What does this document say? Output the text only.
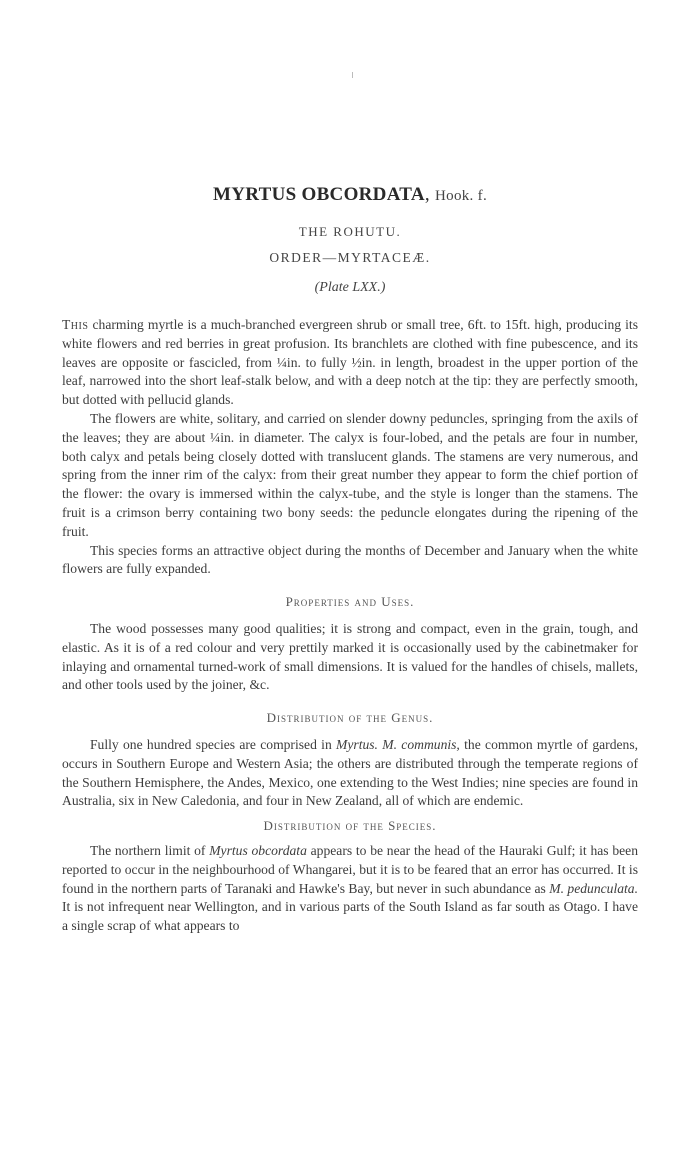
MYRTUS OBCORDATA, Hook. f.
THE ROHUTU.
ORDER—MYRTACEÆ.
(Plate LXX.)

This charming myrtle is a much-branched evergreen shrub or small tree, 6ft. to 15ft. high, producing its white flowers and red berries in great profusion. Its branchlets are clothed with fine pubescence, and its leaves are opposite or fascicled, from ¼in. to fully ½in. in length, broadest in the upper portion of the leaf, narrowed into the short leaf-stalk below, and with a deep notch at the tip: they are perfectly smooth, but dotted with pellucid glands.

The flowers are white, solitary, and carried on slender downy peduncles, springing from the axils of the leaves; they are about ¼in. in diameter. The calyx is four-lobed, and the petals are four in number, both calyx and petals being closely dotted with translucent glands. The stamens are very numerous, and spring from the inner rim of the calyx: from their great number they appear to form the chief portion of the flower: the ovary is immersed within the calyx-tube, and the style is longer than the stamens. The fruit is a crimson berry containing two bony seeds: the peduncle elongates during the ripening of the fruit.

This species forms an attractive object during the months of December and January when the white flowers are fully expanded.

Properties and Uses.

The wood possesses many good qualities; it is strong and compact, even in the grain, tough, and elastic. As it is of a red colour and very prettily marked it is occasionally used by the cabinetmaker for inlaying and ornamental turned-work of small dimensions. It is valued for the handles of chisels, mallets, and other tools used by the joiner, &c.

Distribution of the Genus.

Fully one hundred species are comprised in Myrtus. M. communis, the common myrtle of gardens, occurs in Southern Europe and Western Asia; the others are distributed through the temperate regions of the Southern Hemisphere, the Andes, Mexico, one extending to the West Indies; nine species are found in Australia, six in New Caledonia, and four in New Zealand, all of which are endemic.

Distribution of the Species.

The northern limit of Myrtus obcordata appears to be near the head of the Hauraki Gulf; it has been reported to occur in the neighbourhood of Whangarei, but it is to be feared that an error has occurred. It is found in the northern parts of Taranaki and Hawke's Bay, but never in such abundance as M. pedunculata. It is not infrequent near Wellington, and in various parts of the South Island as far south as Otago. I have a single scrap of what appears to
